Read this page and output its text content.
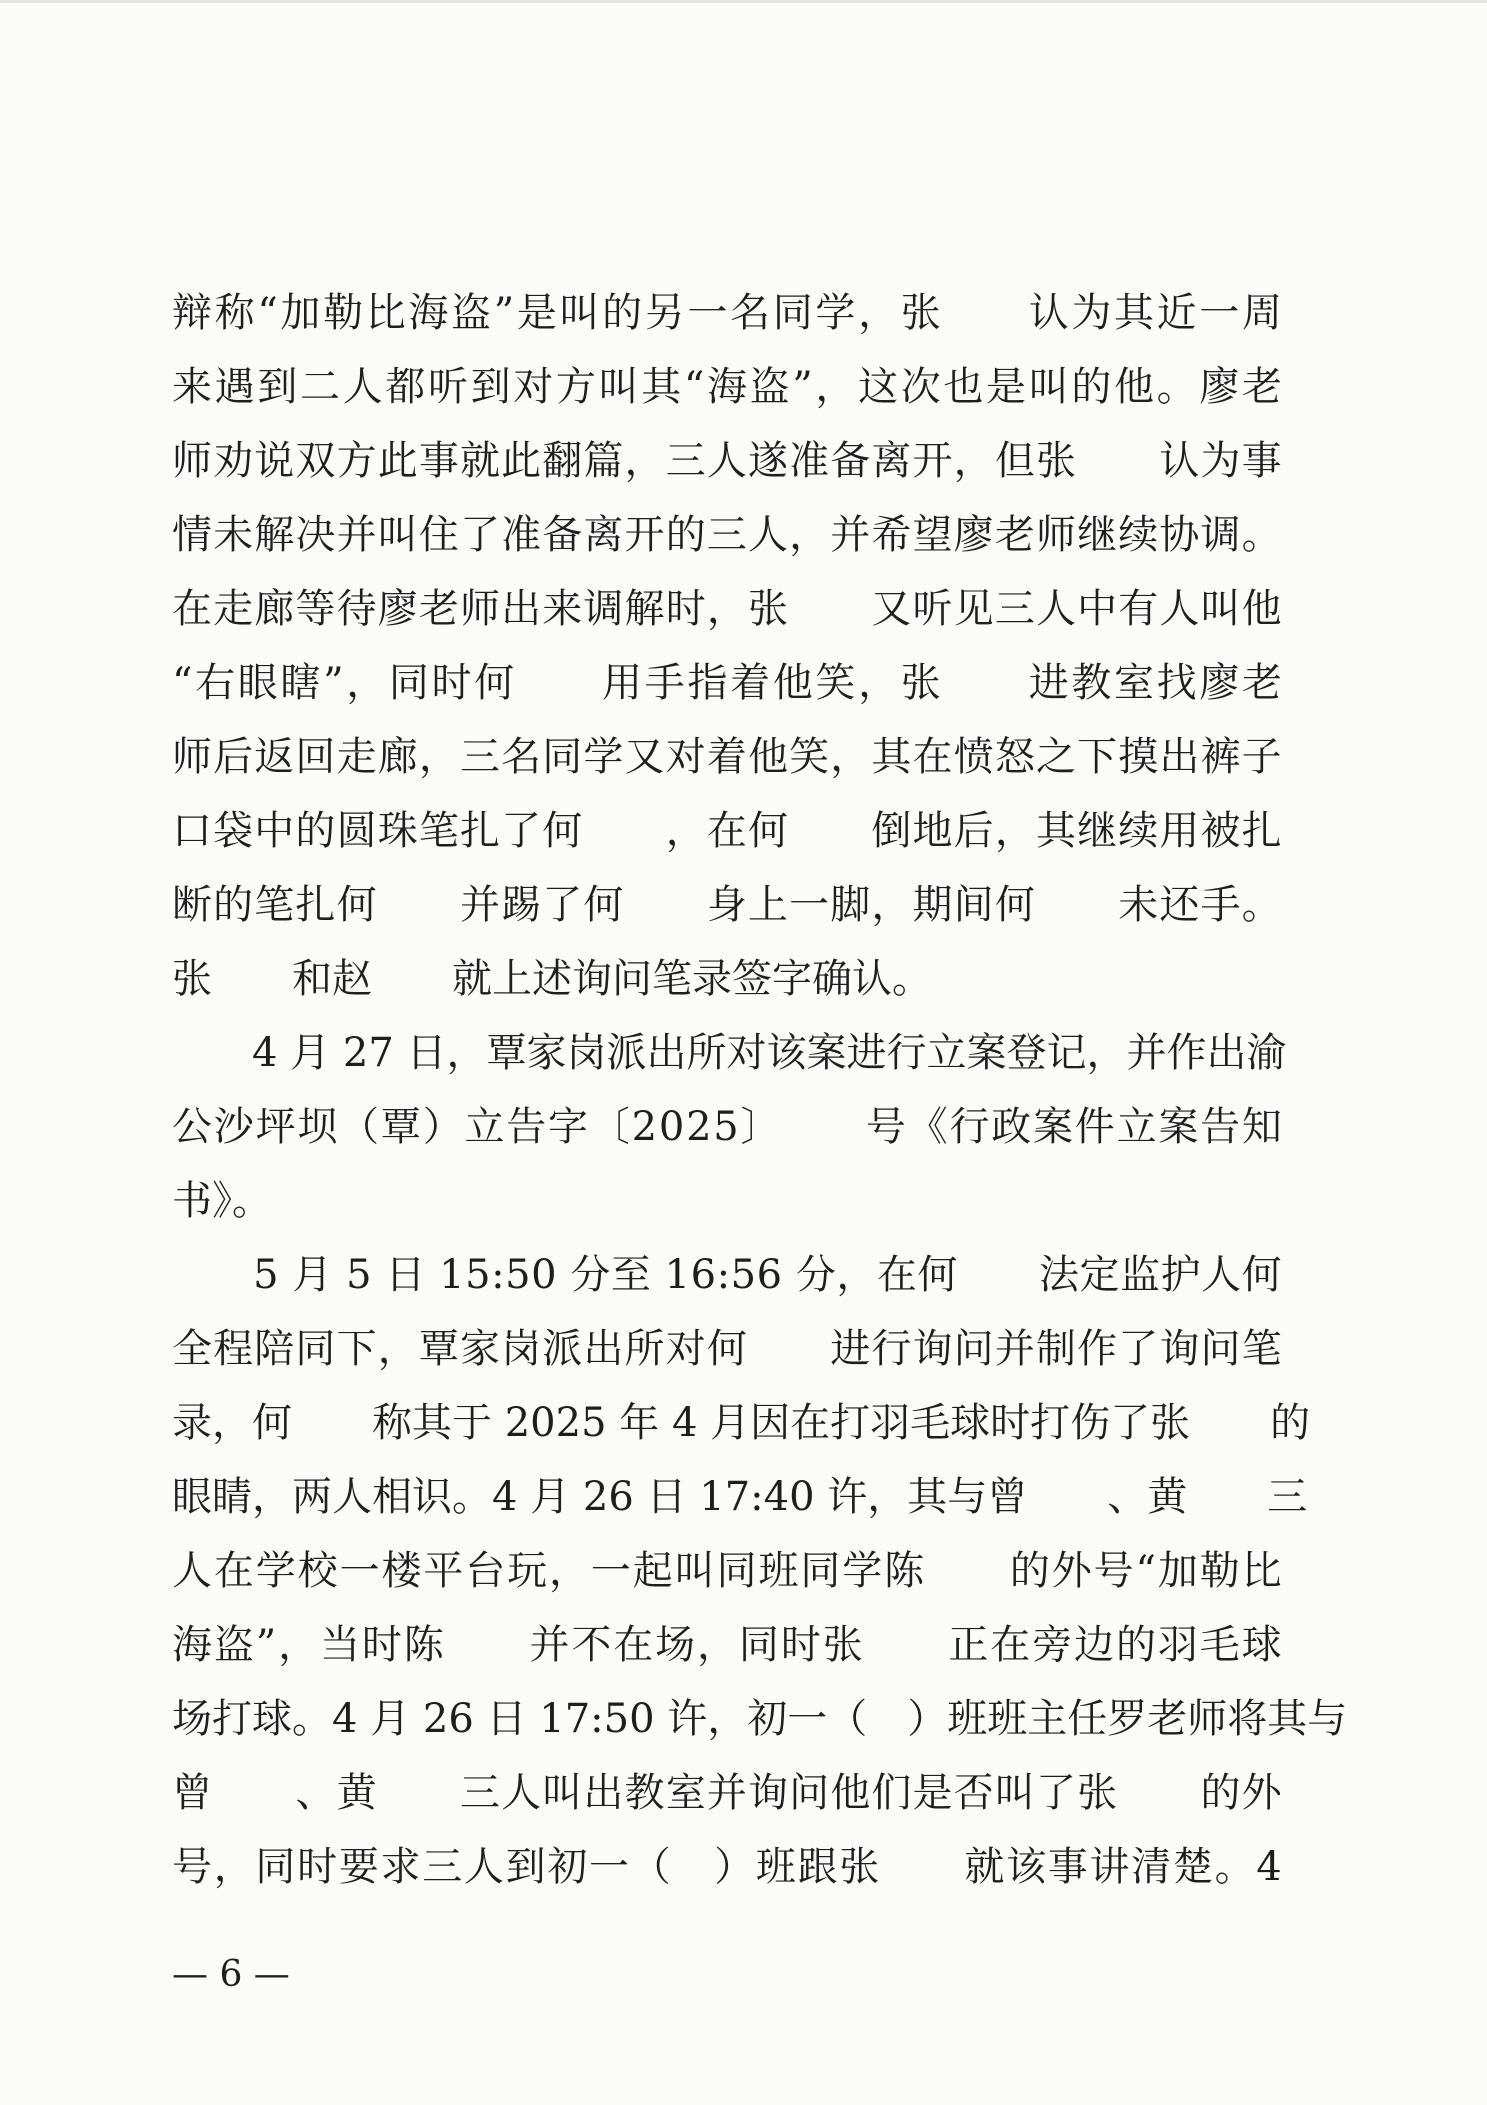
辩 称 “ 加 勒 比 海 盗 ” 是 叫 的 另 一 名 同 学 ， 张

　 认 为 其 近 一 周
来 遇 到 二 人 都 听 到 对 方 叫 其 “ 海 盗 ” ， 这 次 也 是 叫 的 他 。 廖 老
师 劝 说 双 方 此 事 就 此 翻 篇 ， 三 人 遂 准 备 离 开 ， 但 张

　 认 为 事
情 未 解 决 并 叫 住 了 准 备 离 开 的 三 人 ， 并 希 望 廖 老 师 继 续 协 调 。
在 走 廊 等 待 廖 老 师 出 来 调 解 时 ， 张

　 又 听 见 三 人 中 有 人 叫 他
“ 右 眼 瞎 ” ， 同 时 何

　 用 手 指 着 他 笑 ， 张

　 进 教 室 找 廖 老
师 后 返 回 走 廊 ， 三 名 同 学 又 对 着 他 笑 ， 其 在 愤 怒 之 下 摸 出 裤 子
口 袋 中 的 圆 珠 笔 扎 了 何

　 ， 在 何

　 倒 地 后 ， 其 继 续 用 被 扎
断 的 笔 扎 何

　 并 踢 了 何

　 身 上 一 脚 ， 期 间 何

　 未 还 手 。
张　　和赵　　就上述询问笔录签字确认。

4
月
2 7
日 ， 覃 家 岗 派 出 所 对 该 案 进 行 立 案 登 记 ， 并 作 出 渝
公 沙 坪 坝 （ 覃 ） 立 告 字 〔 2 0 2 5 〕

　 号 《 行 政 案 件 立 案 告 知
书》。

5
月
5
日
1 5 : 5 0
分 至
1 6 : 5 6
分 ， 在 何

　 法 定 监 护 人 何
全 程 陪 同 下 ， 覃 家 岗 派 出 所 对 何

　 进 行 询 问 并 制 作 了 询 问 笔
录 ， 何

　 称 其 于
2 0 2 5
年
4
月 因 在 打 羽 毛 球 时 打 伤 了 张

　 的
眼 睛 ， 两 人 相 识 。 4
月
2 6
日
1 7 : 4 0
许 ， 其 与 曾

　 、 黄

　 三
人 在 学 校 一 楼 平 台 玩 ， 一 起 叫 同 班 同 学 陈

　 的 外 号 “ 加 勒 比
海 盗 ” ， 当 时 陈

　 并 不 在 场 ， 同 时 张

　 正 在 旁 边 的 羽 毛 球
场 打 球 。 4
月
2 6
日
1 7 : 5 0
许 ， 初 一 （
　 ） 班 班 主 任 罗 老 师 将 其 与
曾

　 、 黄

　 三 人 叫 出 教 室 并 询 问 他 们 是 否 叫 了 张

　 的 外
号 ， 同 时 要 求 三 人 到 初 一 （
　 ） 班 跟 张

　 就 该 事 讲 清 楚 。 4
— 6 —
